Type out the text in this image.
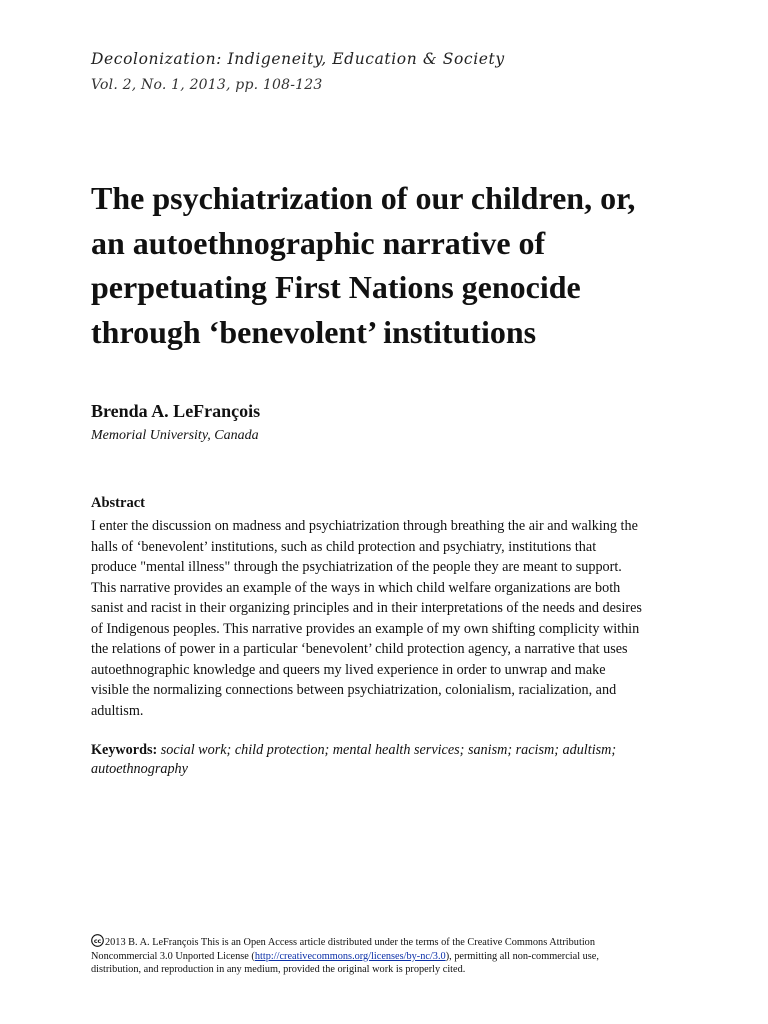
Decolonization: Indigeneity, Education & Society
Vol. 2, No. 1, 2013, pp. 108-123
The psychiatrization of our children, or,
an autoethnographic narrative of
perpetuating First Nations genocide
through ‘benevolent’ institutions
Brenda A. LeFrançois
Memorial University, Canada
Abstract
I enter the discussion on madness and psychiatrization through breathing the air and walking the
halls of ‘benevolent’ institutions, such as child protection and psychiatry, institutions that
produce "mental illness" through the psychiatrization of the people they are meant to support.
This narrative provides an example of the ways in which child welfare organizations are both
sanist and racist in their organizing principles and in their interpretations of the needs and desires
of Indigenous peoples. This narrative provides an example of my own shifting complicity within
the relations of power in a particular ‘benevolent’ child protection agency, a narrative that uses
autoethnographic knowledge and queers my lived experience in order to unwrap and make
visible the normalizing connections between psychiatrization, colonialism, racialization, and
adultism.
Keywords: social work; child protection; mental health services; sanism; racism; adultism; autoethnography
cc 2013 B. A. LeFrançois This is an Open Access article distributed under the terms of the Creative Commons Attribution
Noncommercial 3.0 Unported License (http://creativecommons.org/licenses/by-nc/3.0), permitting all non-commercial use,
distribution, and reproduction in any medium, provided the original work is properly cited.
